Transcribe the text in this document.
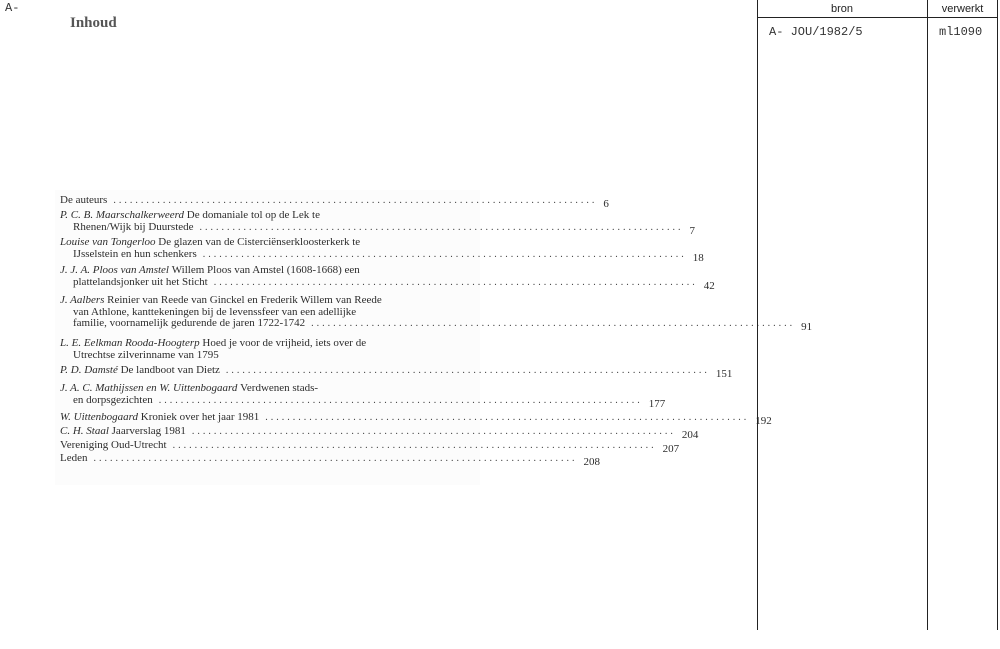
A-
Inhoud
De auteurs ........................................................................................ 6
P. C. B. Maarschalkerweerd
De domaniale tol op de Lek te
Rhenen/Wijk bij Duurstede ........................................................................................ 7
Louise van Tongerloo
De glazen van de Cisterciënserkloosterkerk te
IJsselstein en hun schenkers ........................................................................................ 18
J. J. A. Ploos van Amstel
Willem Ploos van Amstel (1608-1668) een
plattelandsjonker uit het Sticht ........................................................................................ 42
J. Aalbers
Reinier van Reede van Ginckel en Frederik Willem van Reede
van Athlone, kanttekeningen bij de levenssfeer van een adellijke
familie, voornamelijk gedurende de jaren 1722-1742 ........................................................................................ 91
L. E. Eelkman Rooda-Hoogterp
Hoed je voor de vrijheid, iets over de
Utrechtse zilverinname van 1795
P. D. Damsté
De landboot van Dietz ........................................................................................ 151
J. A. C. Mathijssen en W. Uittenbogaard
Verdwenen stads-
en dorpsgezichten ........................................................................................ 177
W. Uittenbogaard
Kroniek over het jaar 1981 ........................................................................................ 192
C. H. Staal
Jaarverslag 1981 ........................................................................................ 204
Vereniging Oud-Utrecht ........................................................................................ 207
Leden ........................................................................................ 208
bron	verwerkt
A- JOU/1982/5	ml1090
